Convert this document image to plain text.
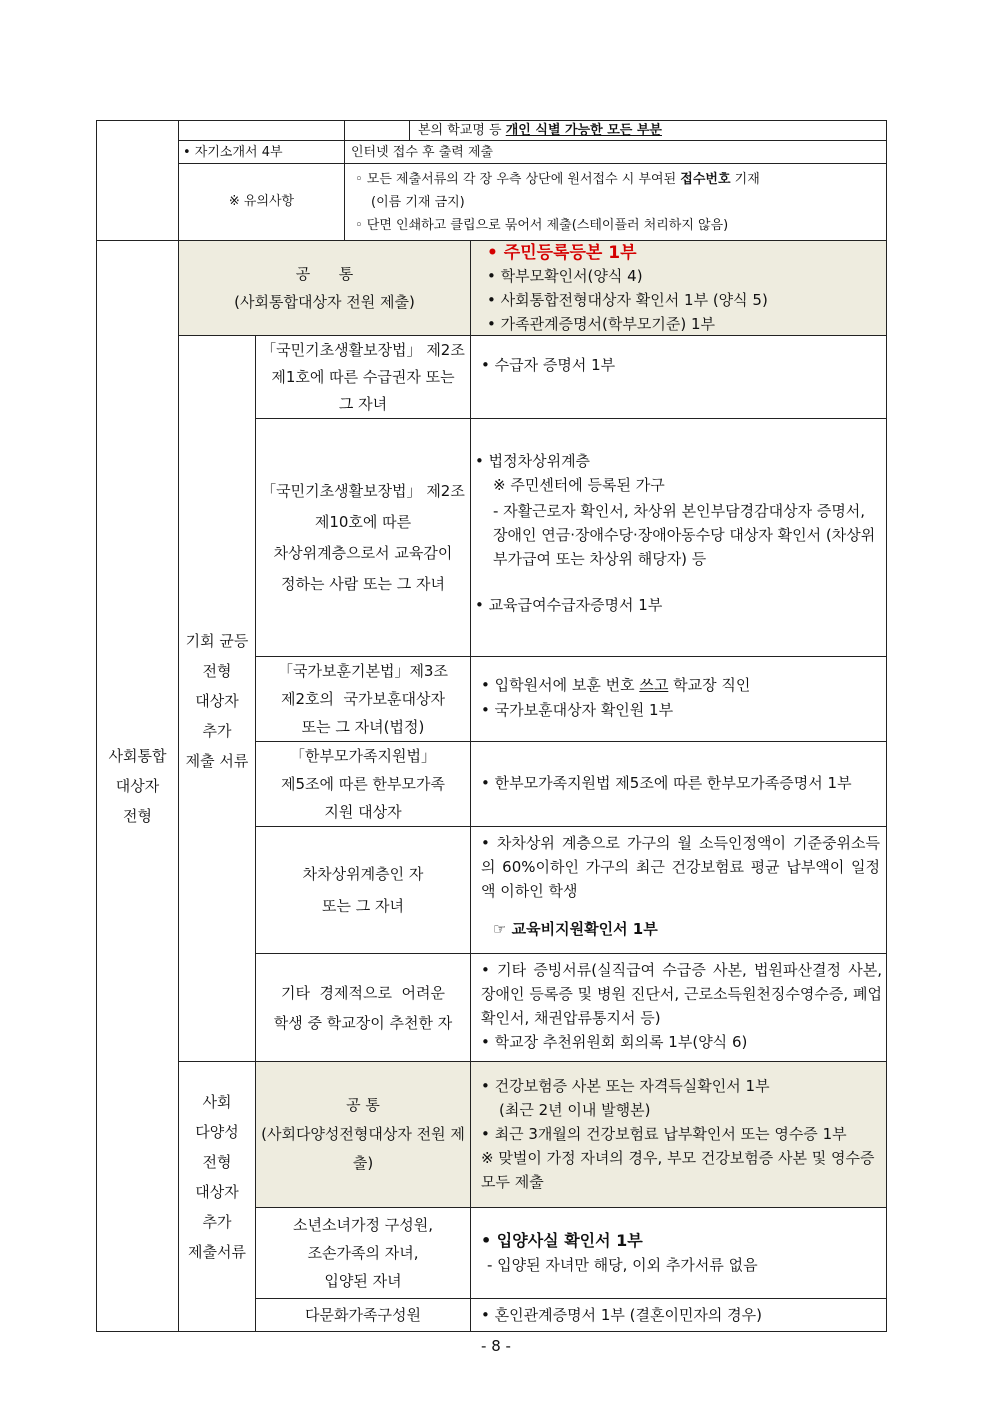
본의 학교명 등 개인 식별 가능한 모든 부분
• 자기소개서 4부	인터넷 접수 후 출력 제출
※ 유의사항
◦ 모든 제출서류의 각 장 우측 상단에 원서접수 시 부여된 접수번호 기재
(이름 기재 금지)
◦ 단면 인쇄하고 클립으로 묶어서 제출(스테이플러 처리하지 않음)
사회통합
대상자
전형
공      통
(사회통합대상자 전원 제출)
• 주민등록등본 1부
• 학부모확인서(양식 4)
• 사회통합전형대상자 확인서 1부 (양식 5)
• 가족관계증명서(학부모기준) 1부
기회 균등
전형
대상자
추가
제출 서류
「국민기초생활보장법」 제2조
제1호에 따른 수급권자 또는
그 자녀
• 수급자 증명서 1부
「국민기초생활보장법」 제2조
제10호에 따른
차상위계층으로서 교육감이
정하는 사람 또는 그 자녀
• 법정차상위계층
※ 주민센터에 등록된 가구
- 자활근로자 확인서, 차상위 본인부담경감대상자 증명서, 장애인 연금·장애수당·장애아동수당 대상자 확인서 (차상위부가급여 또는 차상위 해당자) 등
• 교육급여수급자증명서 1부
「국가보훈기본법」제3조
제2호의  국가보훈대상자
또는 그 자녀(법정)
• 입학원서에 보훈 번호 쓰고 학교장 직인
• 국가보훈대상자 확인원 1부
「한부모가족지원법」
제5조에 따른 한부모가족
지원 대상자
• 한부모가족지원법 제5조에 따른 한부모가족증명서 1부
차차상위계층인 자
또는 그 자녀
• 차차상위 계층으로 가구의 월 소득인정액이 기준중위소득의 60%이하인 가구의 최근 건강보험료 평균 납부액이 일정액 이하인 학생
☞ 교육비지원확인서 1부
기타  경제적으로  어려운
학생 중 학교장이 추천한 자
• 기타 증빙서류(실직급여 수급증 사본, 법원파산결정 사본, 장애인 등록증 및 병원 진단서, 근로소득원천징수영수증, 폐업확인서, 채권압류통지서 등)
• 학교장 추천위원회 회의록 1부(양식 6)
사회
다양성
전형
대상자
추가
제출서류
공 통
(사회다양성전형대상자 전원 제출)
• 건강보험증 사본 또는 자격득실확인서 1부
(최근 2년 이내 발행본)
• 최근 3개월의 건강보험료 납부확인서 또는 영수증 1부
※ 맞벌이 가정 자녀의 경우, 부모 건강보험증 사본 및 영수증 모두 제출
소년소녀가정 구성원,
조손가족의 자녀,
입양된 자녀
• 입양사실 확인서 1부
- 입양된 자녀만 해당, 이외 추가서류 없음
다문화가족구성원	• 혼인관계증명서 1부 (결혼이민자의 경우)
- 8 -
